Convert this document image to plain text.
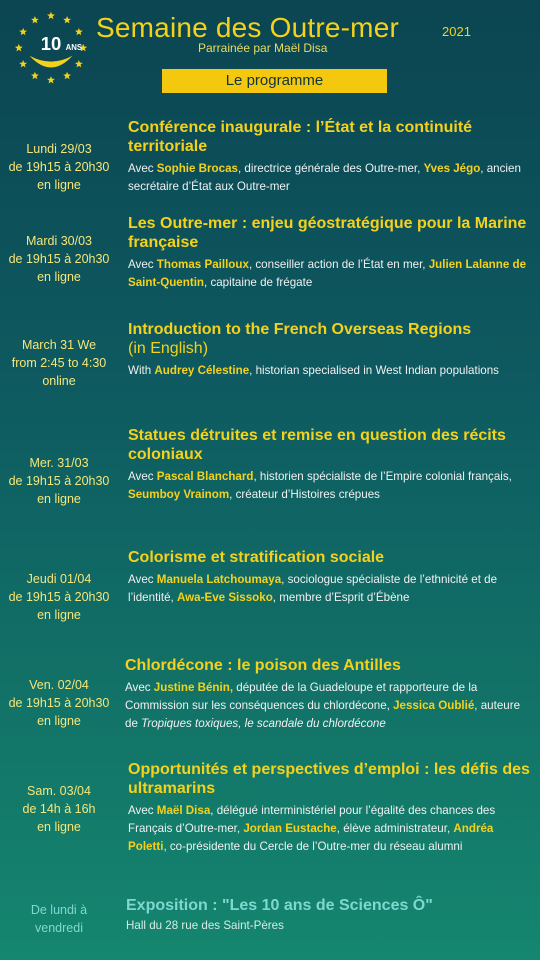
10 ANS
Semaine des Outre-mer	2021
Parrainée par Maël Disa
Le programme
Lundi 29/03
de 19h15 à 20h30
en ligne
Conférence inaugurale : l’État et la continuité territoriale
Avec Sophie Brocas, directrice générale des Outre-mer, Yves Jégo, ancien secrétaire d’État aux Outre-mer
Mardi 30/03
de 19h15 à 20h30
en ligne
Les Outre-mer : enjeu géostratégique pour la Marine française
Avec Thomas Pailloux, conseiller action de l’État en mer, Julien Lalanne de Saint-Quentin, capitaine de frégate
March 31 We
from 2:45 to 4:30
online
Introduction to the French Overseas Regions
(in English)
With Audrey Célestine, historian specialised in West Indian populations
Mer. 31/03
de 19h15 à 20h30
en ligne
Statues détruites et remise en question des récits coloniaux
Avec Pascal Blanchard, historien spécialiste de l’Empire colonial français, Seumboy Vrainom, créateur d’Histoires crépues
Jeudi 01/04
de 19h15 à 20h30
en ligne
Colorisme et stratification sociale
Avec Manuela Latchoumaya, sociologue spécialiste de l’ethnicité et de l’identité, Awa-Eve Sissoko, membre d’Esprit d’Ébène
Ven. 02/04
de 19h15 à 20h30
en ligne
Chlordécone : le poison des Antilles
Avec Justine Bénin, députée de la Guadeloupe et rapporteure de la Commission sur les conséquences du chlordécone, Jessica Oublié, auteure de Tropiques toxiques, le scandale du chlordécone
Sam. 03/04
de 14h à 16h
en ligne
Opportunités et perspectives d’emploi : les défis des ultramarins
Avec Maël Disa, délégué interministériel pour l’égalité des chances des Français d’Outre-mer, Jordan Eustache, élève administrateur, Andréa Poletti, co-présidente du Cercle de l’Outre-mer du réseau alumni
De lundi à
vendredi
Exposition : "Les 10 ans de Sciences Ô"
Hall du 28 rue des Saint-Pères
